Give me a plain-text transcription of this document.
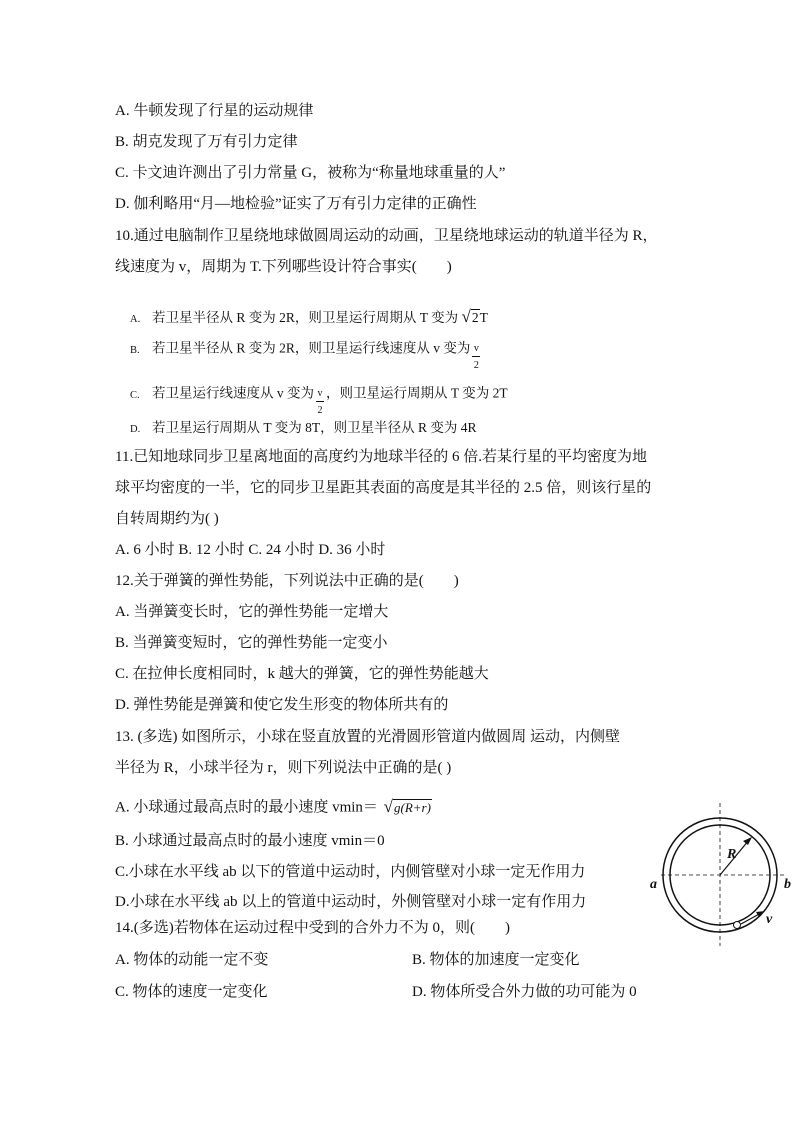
A. 牛顿发现了行星的运动规律
B. 胡克发现了万有引力定律
C. 卡文迪许测出了引力常量 G，被称为“称量地球重量的人”
D. 伽利略用“月—地检验”证实了万有引力定律的正确性
10.通过电脑制作卫星绕地球做圆周运动的动画，卫星绕地球运动的轨道半径为 R，
线速度为 v，周期为 T.下列哪些设计符合事实(　　)
A. 若卫星半径从 R 变为 2R，则卫星运行周期从 T 变为 √2T
B. 若卫星半径从 R 变为 2R，则卫星运行线速度从 v 变为 $\frac{v}{2}$
C. 若卫星运行线速度从 v 变为 $\frac{v}{2}$ ，则卫星运行周期从 T 变为 2T
D. 若卫星运行周期从 T 变为 8T，则卫星半径从 R 变为 4R
11.已知地球同步卫星离地面的高度约为地球半径的 6 倍.若某行星的平均密度为地
球平均密度的一半，它的同步卫星距其表面的高度是其半径的 2.5 倍，则该行星的
自转周期约为( )
A. 6 小时 B. 12 小时 C. 24 小时 D. 36 小时
12.关于弹簧的弹性势能，下列说法中正确的是(　　)
A. 当弹簧变长时，它的弹性势能一定增大
B. 当弹簧变短时，它的弹性势能一定变小
C. 在拉伸长度相同时，k 越大的弹簧，它的弹性势能越大
D. 弹性势能是弹簧和使它发生形变的物体所共有的
13. (多选) 如图所示，小球在竖直放置的光滑圆形管道内做圆周 运动，内侧壁
半径为 R，小球半径为 r，则下列说法中正确的是( )
A. 小球通过最高点时的最小速度 vmin＝ √g(R+r)
B. 小球通过最高点时的最小速度 vmin＝0
C.小球在水平线 ab 以下的管道中运动时，内侧管壁对小球一定无作用力
D.小球在水平线 ab 以上的管道中运动时，外侧管壁对小球一定有作用力
R
a	b
v
14.(多选)若物体在运动过程中受到的合外力不为 0，则(　　)
A. 物体的动能一定不变	B. 物体的加速度一定变化
C. 物体的速度一定变化	D. 物体所受合外力做的功可能为 0
